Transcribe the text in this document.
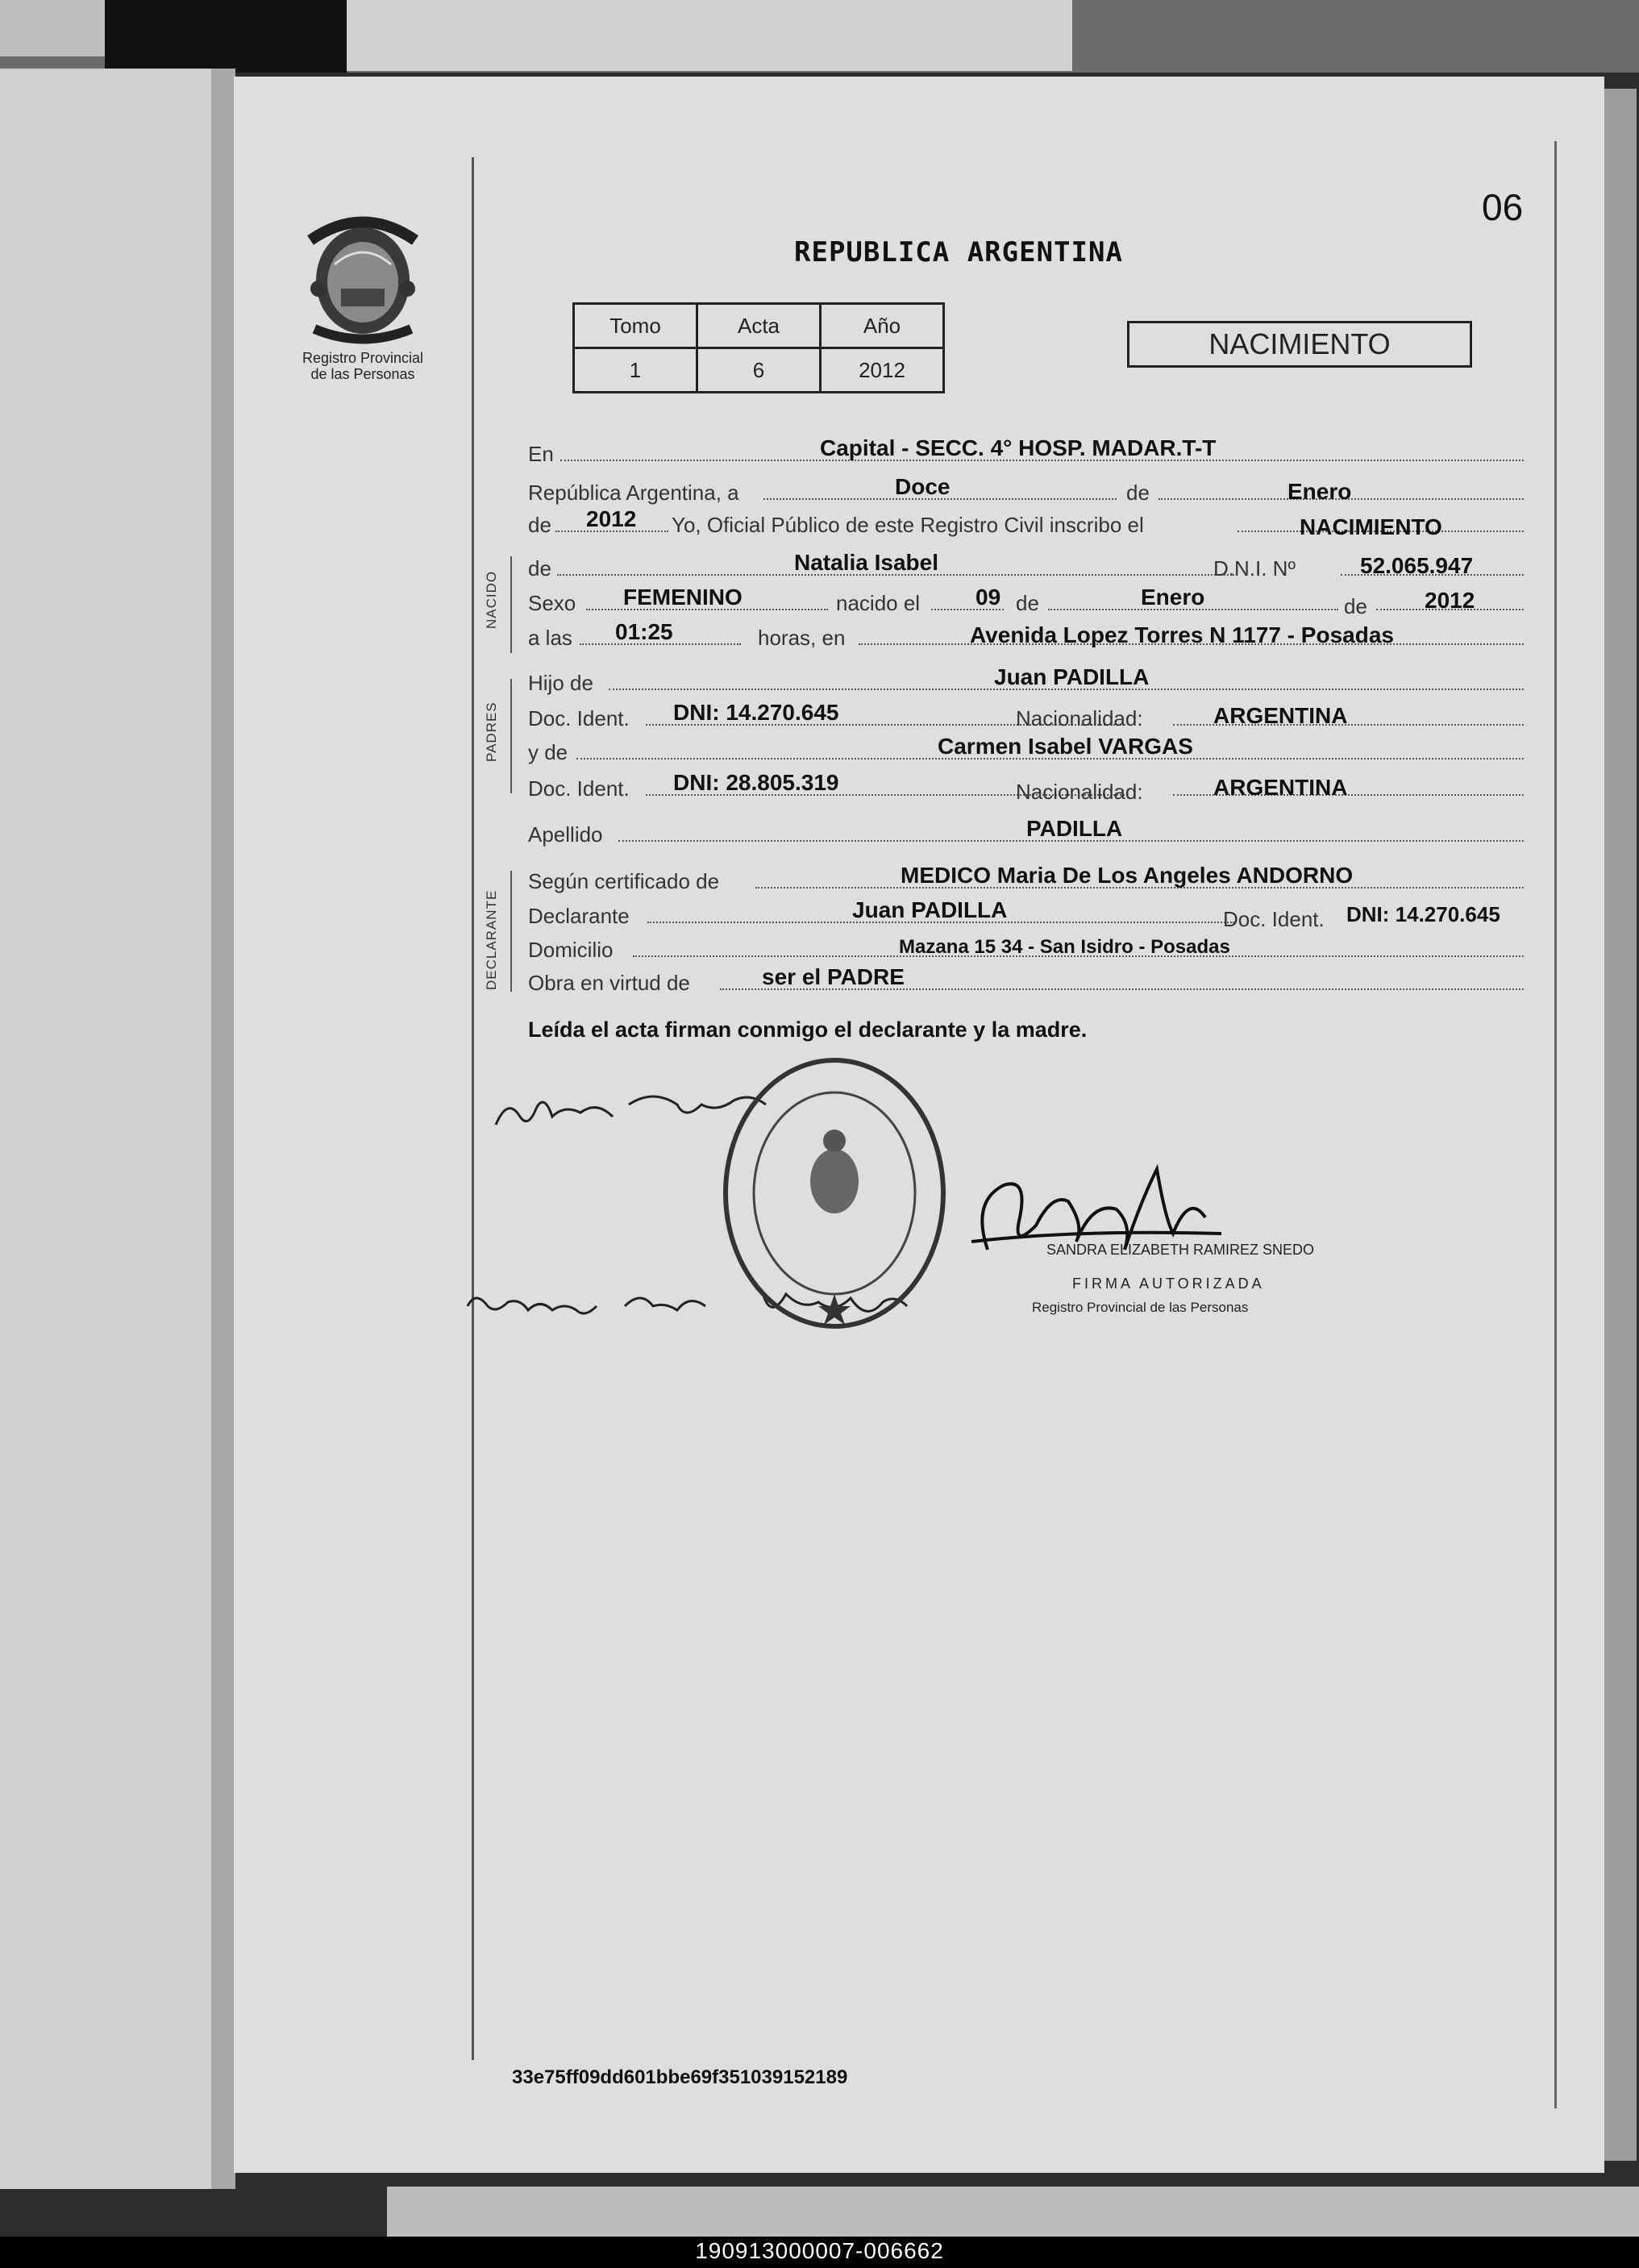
Registro Provincial
de las Personas
06
REPUBLICA ARGENTINA
Tomo	Acta	Año
1	6	2012
NACIMIENTO
NACIDO
PADRES
DECLARANTE
En	Capital - SECC. 4° HOSP. MADAR.T-T
República Argentina, a	Doce	de	Enero
de 2012 Yo, Oficial Público de este Registro Civil inscribo el	NACIMIENTO
de	Natalia Isabel	D.N.I. Nº	52.065.947
Sexo FEMENINO	nacido el 09 de	Enero	de	2012
a las 01:25	horas, en	Avenida Lopez Torres N 1177 - Posadas
Hijo de	Juan PADILLA
Doc. Ident. DNI: 14.270.645	Nacionalidad:	ARGENTINA
y de	Carmen Isabel VARGAS
Doc. Ident. DNI: 28.805.319	Nacionalidad:	ARGENTINA
Apellido	PADILLA
Según certificado de	MEDICO Maria De Los Angeles ANDORNO
Declarante	Juan PADILLA	Doc. Ident. DNI: 14.270.645
Domicilio	Mazana 15 34 - San Isidro - Posadas
Obra en virtud de	ser el PADRE
Leída el acta firman conmigo el declarante y la madre.
SANDRA ELIZABETH RAMIREZ SNEDO
FIRMA AUTORIZADA
Registro Provincial de las Personas
33e75ff09dd601bbe69f351039152189
190913000007-006662
